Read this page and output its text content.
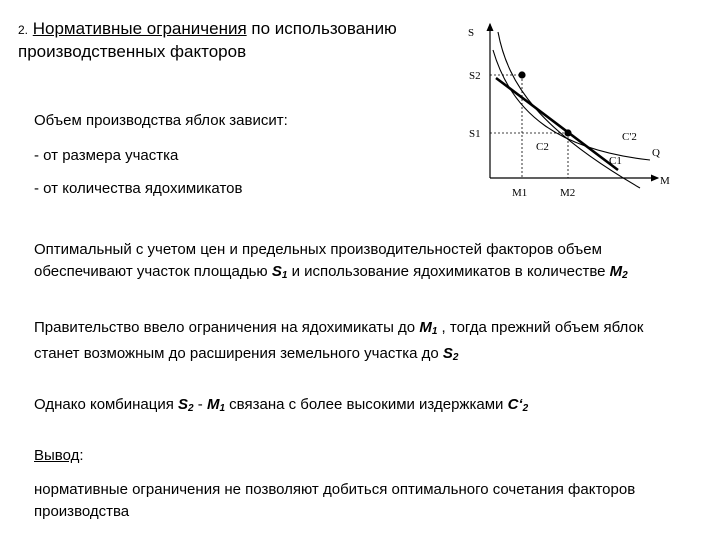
2. Нормативные ограничения по использованию производственных факторов
Объем производства яблок зависит:
- от размера участка
- от количества ядохимикатов
Оптимальный с учетом цен и предельных производительностей факторов объем обеспечивают участок площадью $S_1$ и использование ядохимикатов в количестве $M_2$
Правительство ввело ограничения на ядохимикаты до $M_1$ , тогда прежний объем яблок станет возможным до расширения земельного участка до $S_2$
Однако комбинация $S_2 - M_1$ связана с более высокими издержками $C‘_2$
Вывод:
нормативные ограничения не позволяют добиться оптимального сочетания факторов производства
S
M
S2
S1
M1	M2
C2
C1
C'2
Q
